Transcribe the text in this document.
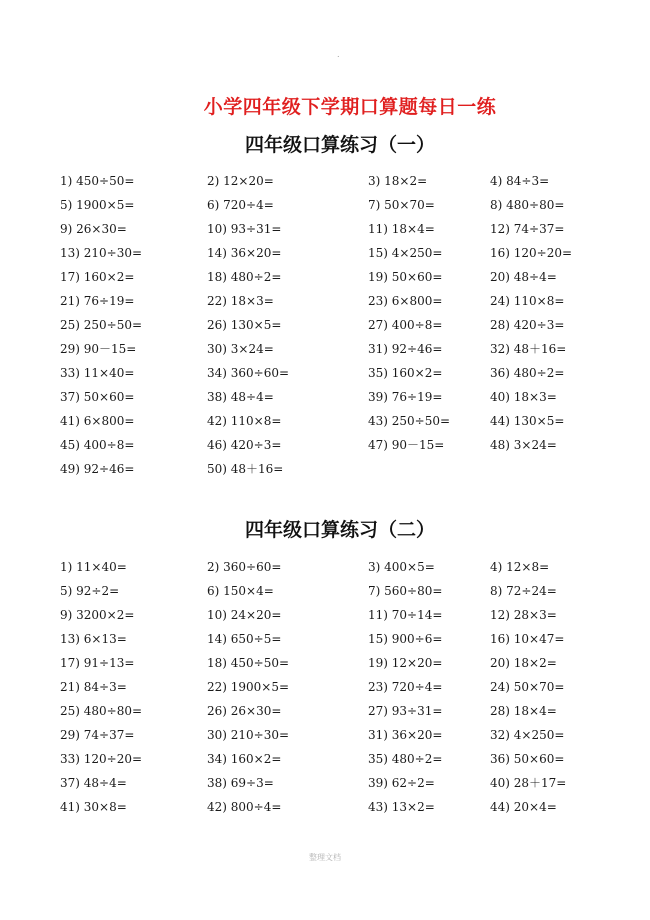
.
小学四年级下学期口算题每日一练
四年级口算练习（一）
1) 450÷50=	2) 12×20=	3) 18×2=	4) 84÷3=
5) 1900×5=	6) 720÷4=	7) 50×70=	8) 480÷80=
9) 26×30=	10) 93÷31=	11) 18×4=	12) 74÷37=
13) 210÷30=	14) 36×20=	15) 4×250=	16) 120÷20=
17) 160×2=	18) 480÷2=	19) 50×60=	20) 48÷4=
21) 76÷19=	22) 18×3=	23) 6×800=	24) 110×8=
25) 250÷50=	26) 130×5=	27) 400÷8=	28) 420÷3=
29) 90－15=	30) 3×24=	31) 92÷46=	32) 48＋16=
33) 11×40=	34) 360÷60=	35) 160×2=	36) 480÷2=
37) 50×60=	38) 48÷4=	39) 76÷19=	40) 18×3=
41) 6×800=	42) 110×8=	43) 250÷50=	44) 130×5=
45) 400÷8=	46) 420÷3=	47) 90－15=	48) 3×24=
49) 92÷46=	50) 48＋16=
四年级口算练习（二）
1) 11×40=	2) 360÷60=	3) 400×5=	4) 12×8=
5) 92÷2=	6) 150×4=	7) 560÷80=	8) 72÷24=
9) 3200×2=	10) 24×20=	11) 70÷14=	12) 28×3=
13) 6×13=	14) 650÷5=	15) 900÷6=	16) 10×47=
17) 91÷13=	18) 450÷50=	19) 12×20=	20) 18×2=
21) 84÷3=	22) 1900×5=	23) 720÷4=	24) 50×70=
25) 480÷80=	26) 26×30=	27) 93÷31=	28) 18×4=
29) 74÷37=	30) 210÷30=	31) 36×20=	32) 4×250=
33) 120÷20=	34) 160×2=	35) 480÷2=	36) 50×60=
37) 48÷4=	38) 69÷3=	39) 62÷2=	40) 28＋17=
41) 30×8=	42) 800÷4=	43) 13×2=	44) 20×4=
整理文档
